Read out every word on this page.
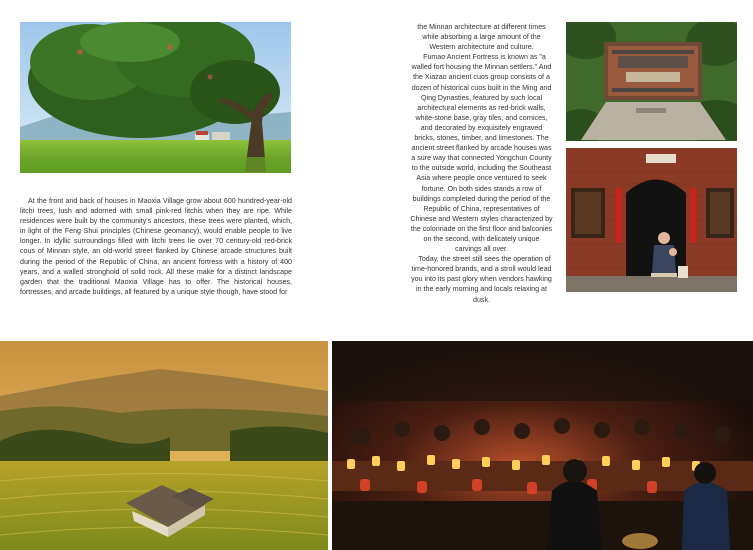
At the front and back of houses in Maoxia Village grow about 600 hundred-year-old litchi trees, lush and adorned with small pink-red litchis when they are ripe. While residences were built by the community's ancestors, these trees were planted, which, in light of the Feng Shui principles (Chinese geomancy), would enable people to live longer. In idyllic surroundings filled with litchi trees lie over 70 century-old red-brick cous of Minnan style, an old-world street flanked by Chinese arcade structures built during the period of the Republic of China, an ancient fortress with a history of 400 years, and a walled stronghold of solid rock. All these make for a distinct landscape garden that the traditional Maoxia Village has to offer. The historical houses, fortresses, and arcade buildings, all featured by a unique style though, have stood for

the Minnan architecture at different times while absorbing a large amount of the Western architecture and culture.

Fumao Ancient Fortress is known as "a walled fort housing the Minnan settlers." And the Xiazao ancient cuos group consists of a dozen of historical cuos built in the Ming and Qing Dynasties, featured by such local architectural elements as red-brick walls, white-stone base, gray tiles, and cornices, and decorated by exquisitely engraved bricks, stones, timber, and limestones. The ancient street flanked by arcade houses was a sure way that connected Yongchun County to the outside world, including the Southeast Asia where people once ventured to seek fortune. On both sides stands a row of buildings completed during the period of the Republic of China, representatives of Chinese and Western styles characterized by the colonnade on the first floor and balconies on the second, with delicately unique carvings all over.

Today, the street still sees the operation of time-honored brands, and a stroll would lead you into its past glory when vendors hawking in the early morning and locals relaxing at dusk.
